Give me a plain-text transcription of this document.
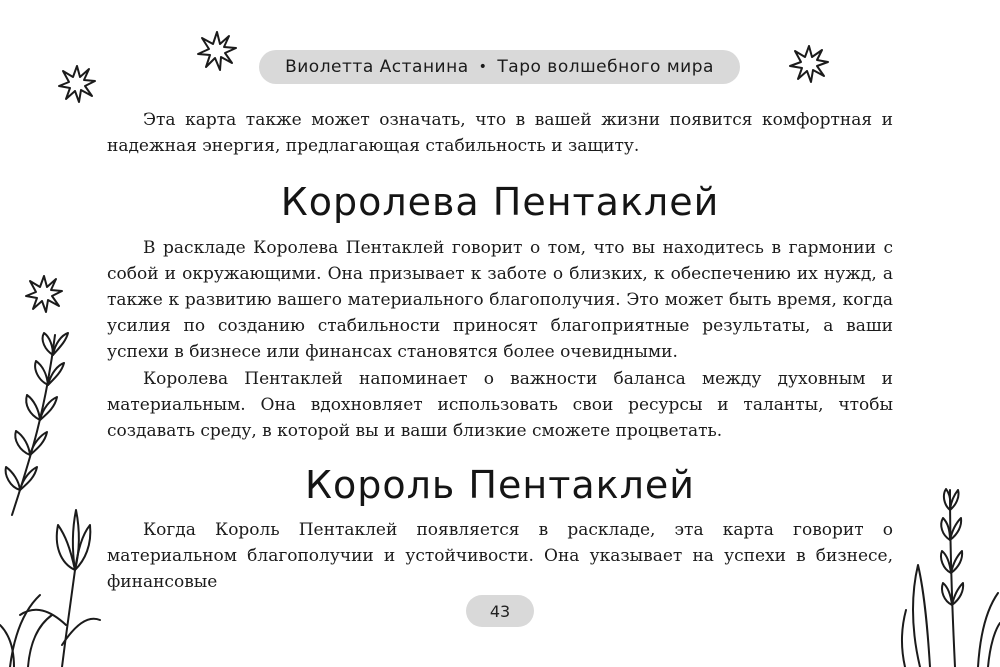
Виолетта Астанина • Таро волшебного мира

Эта карта также может означать, что в вашей жизни появится комфортная и надежная энергия, предлагающая стабильность и защиту.

Королева Пентаклей

В раскладе Королева Пентаклей говорит о том, что вы находитесь в гармонии с собой и окружающими. Она призывает к заботе о близких, к обеспечению их нужд, а также к развитию вашего материального благополучия. Это может быть время, когда усилия по созданию стабильности приносят благоприятные результаты, а ваши успехи в бизнесе или финансах становятся более очевидными.

Королева Пентаклей напоминает о важности баланса между духовным и материальным. Она вдохновляет использовать свои ресурсы и таланты, чтобы создавать среду, в которой вы и ваши близкие сможете процветать.

Король Пентаклей

Когда Король Пентаклей появляется в раскладе, эта карта говорит о материальном благополучии и устойчивости. Она указывает на успехи в бизнесе, финансовые

43
